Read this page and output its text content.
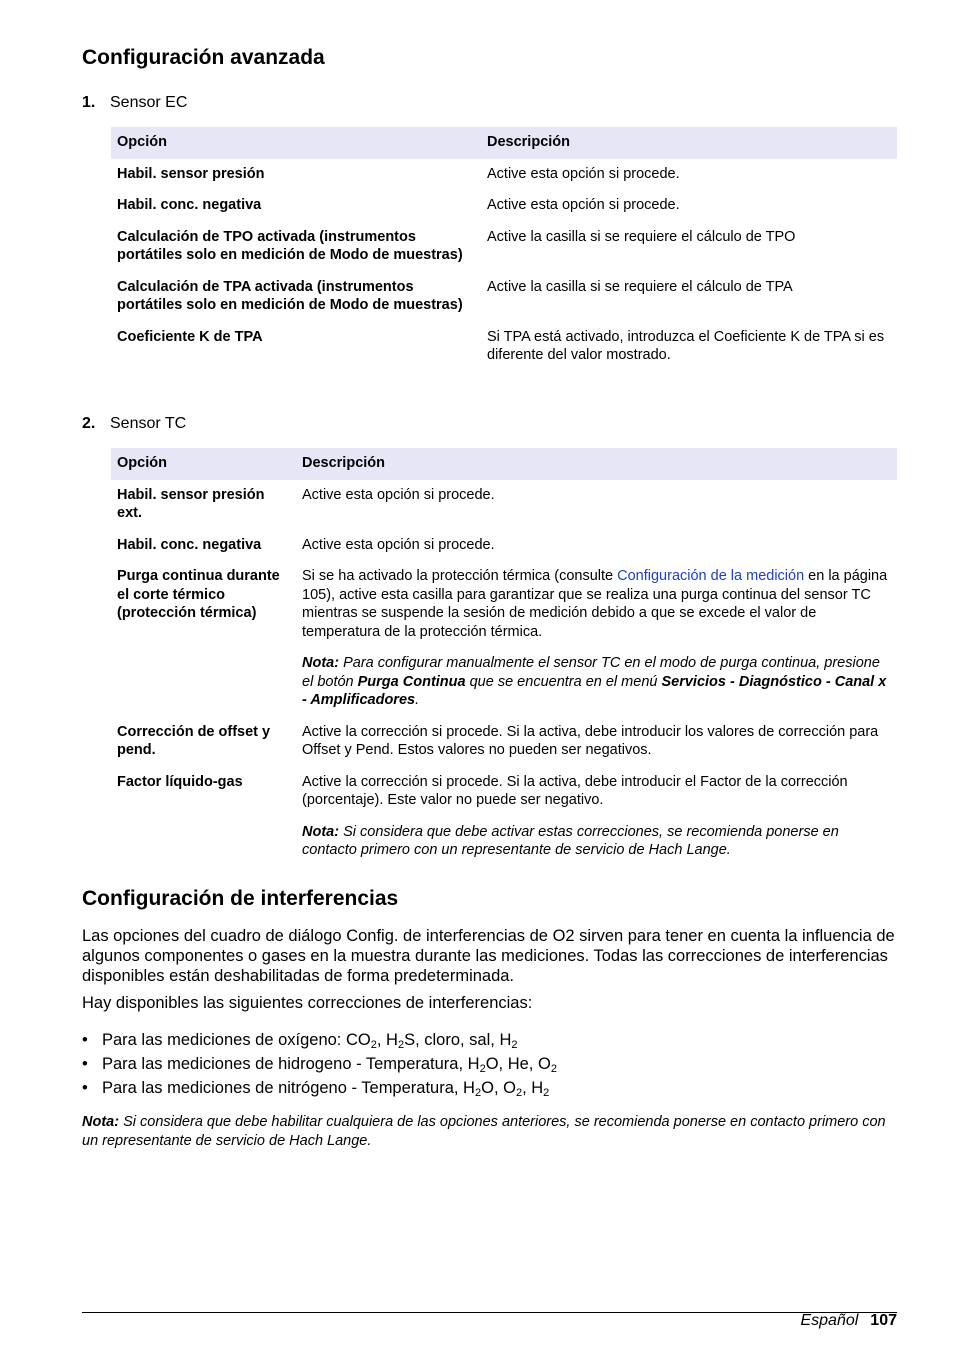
Configuración avanzada
1. Sensor EC
Opción	Descripción
Habil. sensor presión	Active esta opción si procede.
Habil. conc. negativa	Active esta opción si procede.
Calculación de TPO activada (instrumentos portátiles solo en medición de Modo de muestras)	Active la casilla si se requiere el cálculo de TPO
Calculación de TPA activada (instrumentos portátiles solo en medición de Modo de muestras)	Active la casilla si se requiere el cálculo de TPA
Coeficiente K de TPA	Si TPA está activado, introduzca el Coeficiente K de TPA si es diferente del valor mostrado.
2. Sensor TC
Opción	Descripción
Habil. sensor presión ext.	Active esta opción si procede.
Habil. conc. negativa	Active esta opción si procede.
Purga continua durante el corte térmico (protección térmica)	Si se ha activado la protección térmica (consulte Configuración de la medición en la página 105), active esta casilla para garantizar que se realiza una purga continua del sensor TC mientras se suspende la sesión de medición debido a que se excede el valor de temperatura de la protección térmica.
Nota: Para configurar manualmente el sensor TC en el modo de purga continua, presione el botón Purga Continua que se encuentra en el menú Servicios - Diagnóstico - Canal x - Amplificadores.

Corrección de offset y pend.	Active la corrección si procede. Si la activa, debe introducir los valores de corrección para Offset y Pend. Estos valores no pueden ser negativos.
Factor líquido-gas	Active la corrección si procede. Si la activa, debe introducir el Factor de la corrección (porcentaje). Este valor no puede ser negativo.
Nota: Si considera que debe activar estas correcciones, se recomienda ponerse en contacto primero con un representante de servicio de Hach Lange.
Configuración de interferencias

Las opciones del cuadro de diálogo Config. de interferencias de O2 sirven para tener en cuenta la influencia de algunos componentes o gases en la muestra durante las mediciones. Todas las correcciones de interferencias disponibles están deshabilitadas de forma predeterminada.

Hay disponibles las siguientes correcciones de interferencias:

• Para las mediciones de oxígeno: $CO_2$, $H_2S$, cloro, sal, $H_2$
• Para las mediciones de hidrogeno - Temperatura, $H_2O$, He, $O_2$
• Para las mediciones de nitrógeno - Temperatura, $H_2O$, $O_2$, $H_2$
Nota: Si considera que debe habilitar cualquiera de las opciones anteriores, se recomienda ponerse en contacto primero con un representante de servicio de Hach Lange.
Español 107
